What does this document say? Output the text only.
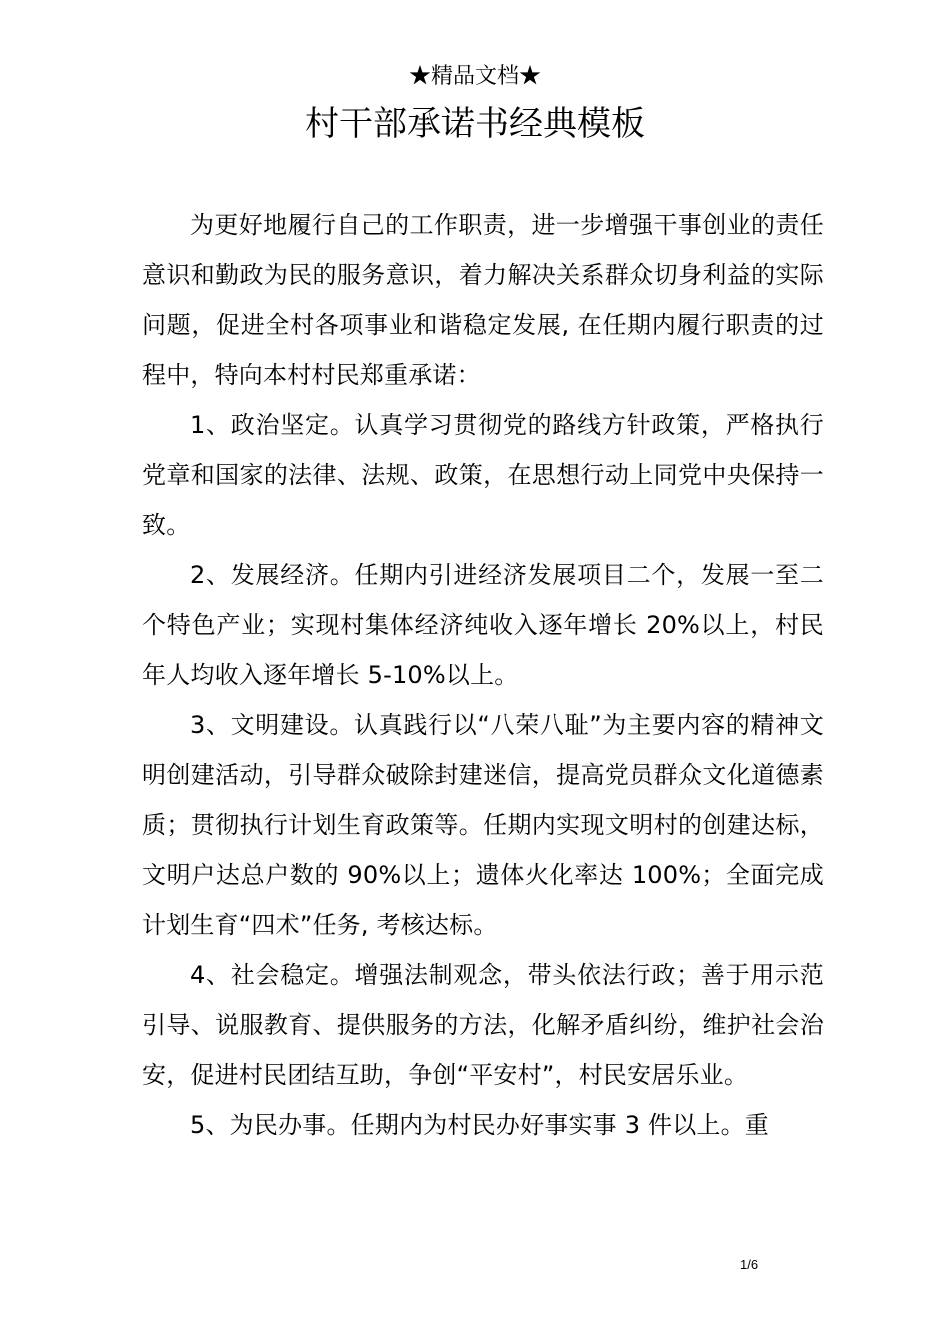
★精品文档★
村干部承诺书经典模板

为更好地履行自己的工作职责，进一步增强干事创业的责任意识和勤政为民的服务意识，着力解决关系群众切身利益的实际问题，促进全村各项事业和谐稳定发展, 在任期内履行职责的过程中，特向本村村民郑重承诺：

1、政治坚定。认真学习贯彻党的路线方针政策，严格执行党章和国家的法律、法规、政策，在思想行动上同党中央保持一致。

2、发展经济。任期内引进经济发展项目二个，发展一至二个特色产业；实现村集体经济纯收入逐年增长 20%以上，村民年人均收入逐年增长 5-10%以上。

3、文明建设。认真践行以“八荣八耻”为主要内容的精神文明创建活动，引导群众破除封建迷信，提高党员群众文化道德素质；贯彻执行计划生育政策等。任期内实现文明村的创建达标，文明户达总户数的 90%以上；遗体火化率达 100%；全面完成计划生育“四术”任务, 考核达标。

4、社会稳定。增强法制观念，带头依法行政；善于用示范引导、说服教育、提供服务的方法，化解矛盾纠纷，维护社会治安，促进村民团结互助，争创“平安村”，村民安居乐业。

5、为民办事。任期内为村民办好事实事 3 件以上。重

1/6
